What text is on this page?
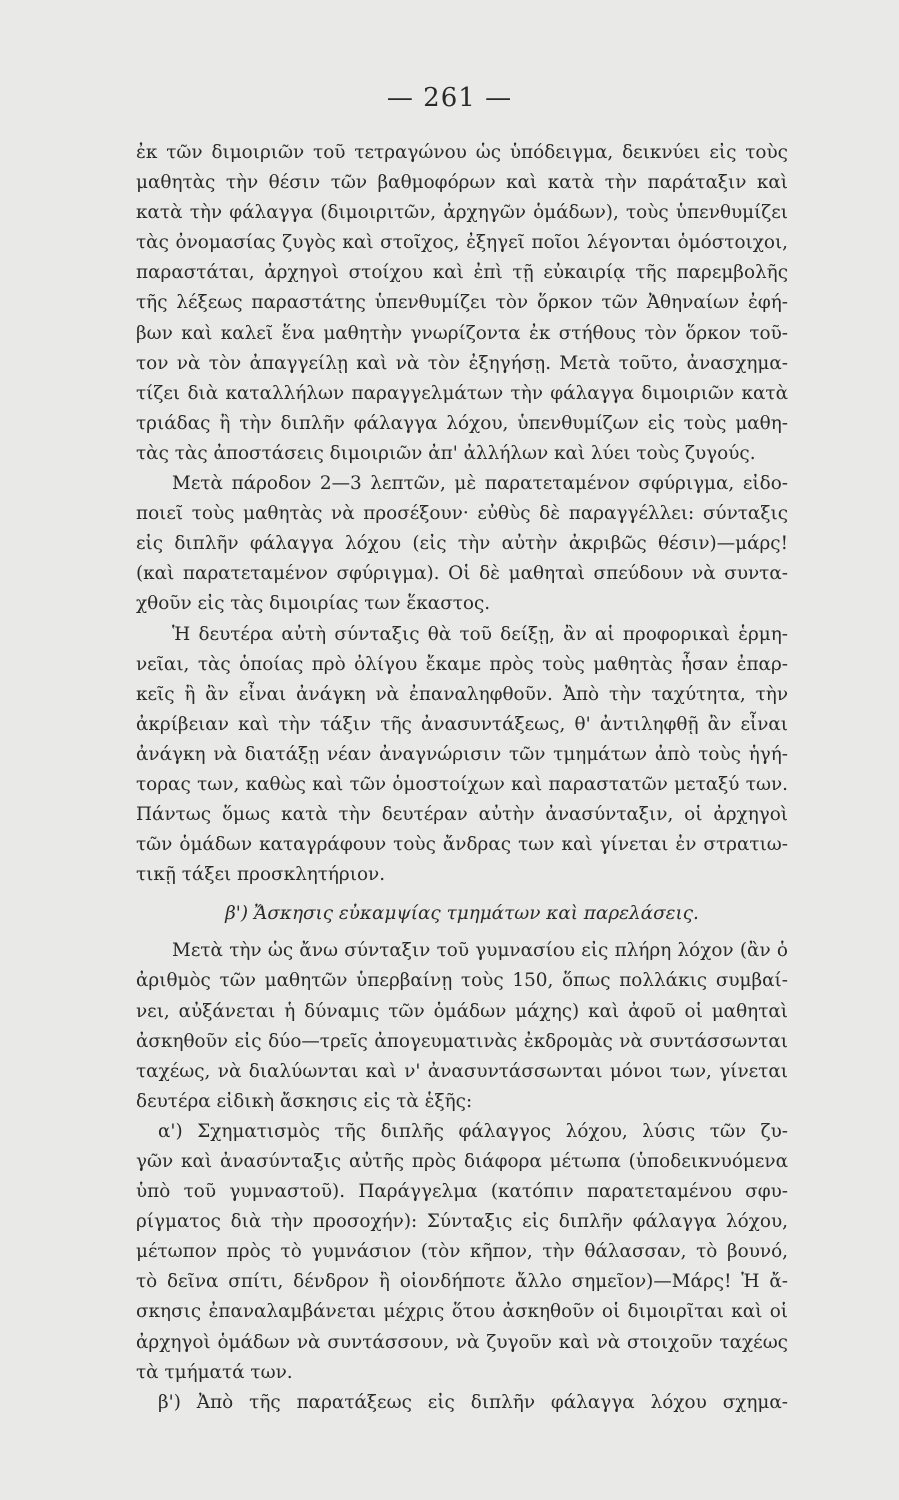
— 261 —
ἐκ τῶν διμοιριῶν τοῦ τετραγώνου ὡς ὑπόδειγμα, δεικνύει εἰς τοὺς
μαθητὰς τὴν θέσιν τῶν βαθμοφόρων καὶ κατὰ τὴν παράταξιν καὶ
κατὰ τὴν φάλαγγα (διμοιριτῶν, ἀρχηγῶν ὁμάδων), τοὺς ὑπενθυμίζει
τὰς ὀνομασίας ζυγὸς καὶ στοῖχος, ἐξηγεῖ ποῖοι λέγονται ὁμόστοιχοι,
παραστάται, ἀρχηγοὶ στοίχου καὶ ἐπὶ τῇ εὐκαιρίᾳ τῆς παρεμβολῆς
τῆς λέξεως παραστάτης ὑπενθυμίζει τὸν ὅρκον τῶν Ἀθηναίων ἐφή-
βων καὶ καλεῖ ἕνα μαθητὴν γνωρίζοντα ἐκ στήθους τὸν ὅρκον τοῦ-
τον νὰ τὸν ἀπαγγείλῃ καὶ νὰ τὸν ἐξηγήσῃ. Μετὰ τοῦτο, ἀνασχημα-
τίζει διὰ καταλλήλων παραγγελμάτων τὴν φάλαγγα διμοιριῶν κατὰ
τριάδας ἢ τὴν διπλῆν φάλαγγα λόχου, ὑπενθυμίζων εἰς τοὺς μαθη-
τὰς τὰς ἀποστάσεις διμοιριῶν ἀπ' ἀλλήλων καὶ λύει τοὺς ζυγούς.
Μετὰ πάροδον 2—3 λεπτῶν, μὲ παρατεταμένον σφύριγμα, εἰδο-
ποιεῖ τοὺς μαθητὰς νὰ προσέξουν· εὐθὺς δὲ παραγγέλλει: σύνταξις
εἰς διπλῆν φάλαγγα λόχου (εἰς τὴν αὐτὴν ἀκριβῶς θέσιν)—μάρς!
(καὶ παρατεταμένον σφύριγμα). Οἱ δὲ μαθηταὶ σπεύδουν νὰ συντα-
χθοῦν εἰς τὰς διμοιρίας των ἕκαστος.
Ἡ δευτέρα αὐτὴ σύνταξις θὰ τοῦ δείξῃ, ἂν αἱ προφορικαὶ ἑρμη-
νεῖαι, τὰς ὁποίας πρὸ ὀλίγου ἔκαμε πρὸς τοὺς μαθητὰς ἦσαν ἐπαρ-
κεῖς ἢ ἂν εἶναι ἀνάγκη νὰ ἐπαναληφθοῦν. Ἀπὸ τὴν ταχύτητα, τὴν
ἀκρίβειαν καὶ τὴν τάξιν τῆς ἀνασυντάξεως, θ' ἀντιληφθῇ ἂν εἶναι
ἀνάγκη νὰ διατάξῃ νέαν ἀναγνώρισιν τῶν τμημάτων ἀπὸ τοὺς ἡγή-
τορας των, καθὼς καὶ τῶν ὁμοστοίχων καὶ παραστατῶν μεταξύ των.
Πάντως ὅμως κατὰ τὴν δευτέραν αὐτὴν ἀνασύνταξιν, οἱ ἀρχηγοὶ
τῶν ὁμάδων καταγράφουν τοὺς ἄνδρας των καὶ γίνεται ἐν στρατιω-
τικῇ τάξει προσκλητήριον.
β') Ἄσκησις εὐκαμψίας τμημάτων καὶ παρελάσεις.
Μετὰ τὴν ὡς ἄνω σύνταξιν τοῦ γυμνασίου εἰς πλήρη λόχον (ἂν ὁ
ἀριθμὸς τῶν μαθητῶν ὑπερβαίνῃ τοὺς 150, ὅπως πολλάκις συμβαί-
νει, αὐξάνεται ἡ δύναμις τῶν ὁμάδων μάχης) καὶ ἀφοῦ οἱ μαθηταὶ
ἀσκηθοῦν εἰς δύο—τρεῖς ἀπογευματινὰς ἐκδρομὰς νὰ συντάσσωνται
ταχέως, νὰ διαλύωνται καὶ ν' ἀνασυντάσσωνται μόνοι των, γίνεται
δευτέρα εἰδικὴ ἄσκησις εἰς τὰ ἑξῆς:
α') Σχηματισμὸς τῆς διπλῆς φάλαγγος λόχου, λύσις τῶν ζυ-
γῶν καὶ ἀνασύνταξις αὐτῆς πρὸς διάφορα μέτωπα (ὑποδεικνυόμενα
ὑπὸ τοῦ γυμναστοῦ). Παράγγελμα (κατόπιν παρατεταμένου σφυ-
ρίγματος διὰ τὴν προσοχήν): Σύνταξις εἰς διπλῆν φάλαγγα λόχου,
μέτωπον πρὸς τὸ γυμνάσιον (τὸν κῆπον, τὴν θάλασσαν, τὸ βουνό,
τὸ δεῖνα σπίτι, δένδρον ἢ οἱονδήποτε ἄλλο σημεῖον)—Μάρς! Ἡ ἄ-
σκησις ἐπαναλαμβάνεται μέχρις ὅτου ἀσκηθοῦν οἱ διμοιρῖται καὶ οἱ
ἀρχηγοὶ ὁμάδων νὰ συντάσσουν, νὰ ζυγοῦν καὶ νὰ στοιχοῦν ταχέως
τὰ τμήματά των.
β') Ἀπὸ τῆς παρατάξεως εἰς διπλῆν φάλαγγα λόχου σχημα-
